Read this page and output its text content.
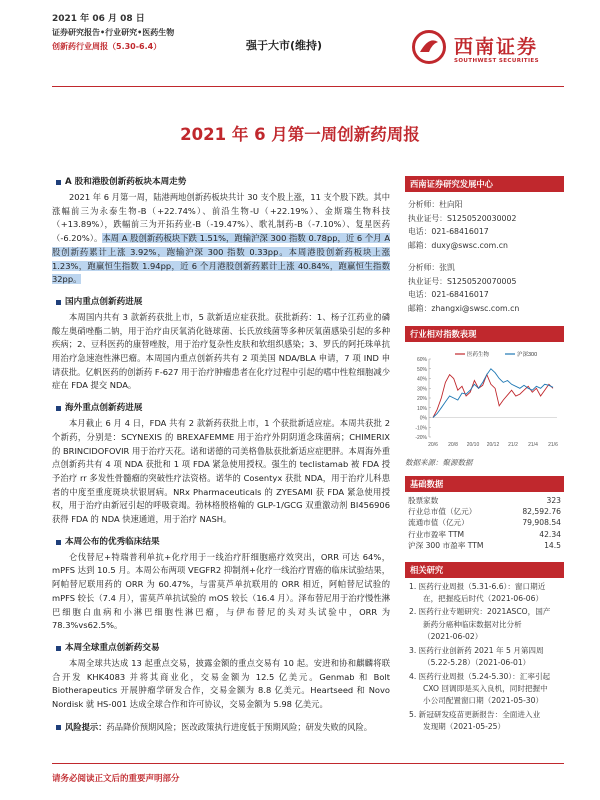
2021 年 06 月 08 日
证券研究报告•行业研究•医药生物
创新药行业周报（5.30-6.4）	强于大市(维持)	西南证券
SOUTHWEST SECURITIES
2021 年 6 月第一周创新药周报
A 股和港股创新药板块本周走势

2021 年 6 月第一周，陆港两地创新药板块共计 30 支个股上涨，11 支个股下跌。其中涨幅前三为永泰生物-B（+22.74%）、前沿生物-U（+22.19%）、金斯瑞生物科技（+13.89%），跌幅前三为开拓药业-B（-19.47%）、歌礼制药-B（-7.10%）、复星医药（-6.20%）。本周 A 股创新药板块下跌 1.51%，跑输沪深 300 指数 0.78pp，近 6 个月 A 股创新药累计上涨 3.92%，跑输沪深 300 指数 0.33pp。本周港股创新药板块上涨 1.23%，跑赢恒生指数 1.94pp，近 6 个月港股创新药累计上涨 40.84%，跑赢恒生指数 32pp。

国内重点创新药进展

本周国内共有 3 款新药获批上市，5 款新适应症获批。获批新药：1、杨子江药业的磷酸左奥硝唑酯二钠，用于治疗由厌氧消化链球菌、长氏放线菌等多种厌氧菌感染引起的多种疾病；2、豆科医药的康替唑胺，用于治疗复杂性皮肤和软组织感染；3、罗氏的阿托珠单抗用治疗急速泡性淋巴瘤。本周国内重点创新药共有 2 项美国 NDA/BLA 申请，7 项 IND 申请获批。亿帆医药的创新药 F-627 用于治疗肿瘤患者在化疗过程中引起的嗜中性粒细胞减少症在 FDA 提交 NDA。

海外重点创新药进展

本月截止 6 月 4 日，FDA 共有 2 款新药获批上市，1 个获批新适应症。本周共获批 2 个新药，分别是：SCYNEXIS 的 BREXAFEMME 用于治疗外阴阴道念珠菌病；CHIMERIX 的 BRINCIDOFOVIR 用于治疗天花。诺和诺德的司美格鲁肽获批新适应症肥胖。本周海外重点创新药共有 4 项 NDA 获批和 1 项 FDA 紧急使用授权。强生的 teclistamab 被 FDA 授予治疗 rr 多发性骨髓瘤的突破性疗法资格。诺华的 Cosentyx 获批 NDA，用于治疗儿科患者的中度至重度斑块状银屑病。NRx Pharmaceuticals 的 ZYESAMI 获 FDA 紧急使用授权，用于治疗由新冠引起的呼吸衰竭。勃林格殷格翰的 GLP-1/GCG 双重激动剂 BI456906 获得 FDA 的 NDA 快速通道，用于治疗 NASH。

本周公布的优秀临床结果

仑伐替尼+特瑞普利单抗+化疗用于一线治疗肝细胞癌疗效突出，ORR 可达 64%，mPFS 达到 10.5 月。本周公布两项 VEGFR2 抑制剂+化疗一线治疗胃癌的临床试验结果，阿帕替尼联用药的 ORR 为 60.47%，与雷莫芦单抗联用的 ORR 相近，阿帕替尼试验的 mPFS 较长（7.4 月），雷莫芦单抗试验的 mOS 较长（16.4 月）。泽布替尼用于治疗慢性淋巴细胞白血病和小淋巴细胞性淋巴瘤，与伊布替尼的头对头试验中，ORR 为 78.3%vs62.5%。

本周全球重点创新药交易

本周全球共达成 13 起重点交易，披露金额的重点交易有 10 起。安进和协和麒麟将联合开发 KHK4083 并将其商业化，交易金额为 12.5 亿美元。Genmab 和 Bolt Biotherapeutics 开展肿瘤学研发合作，交易金额为 8.8 亿美元。Heartseed 和 Novo Nordisk 就 HS-001 达成全球合作和许可协议，交易金额为 5.98 亿美元。

风险提示：药品降价预期风险；医改政策执行进度低于预期风险；研发失败的风险。
西南证券研究发展中心
分析师：杜向阳
执业证号：S1250520030002
电话：021-68416017
邮箱：duxy@swsc.com.cn
分析师：张凯
执业证号：S1250520070005
电话：021-68416017
邮箱：zhangxi@swsc.com.cn
行业相对指数表现
60%
50%
40%
30%
20%
10%
0%
-10%
-20%
20/6 20/8 20/10 20/12 21/2 21/4 21/6
医药生物	沪深300
数据来源：聚源数据
基础数据
股票家数	323
行业总市值（亿元）	82,592.76
流通市值（亿元）	79,908.54
行业市盈率 TTM	42.34
沪深 300 市盈率 TTM	14.5
相关研究
1. 医药行业周报（5.31-6.6）：窗口期近
在，把握疫后时代（2021-06-06）
2. 医药行业专题研究：2021ASCO，国产
新药分癌种临床数据对比分析
（2021-06-02）
3. 医药行业创新药 2021 年 5 月第四周
（5.22-5.28）（2021-06-01）
4. 医药行业周报（5.24-5.30）：汇率引起
CXO 回调即是买入良机，同时把握中
小公司配置窗口期（2021-05-30）
5. 新冠研发疫苗更新报告：全面进入业
发现期（2021-05-25）
请务必阅读正文后的重要声明部分
